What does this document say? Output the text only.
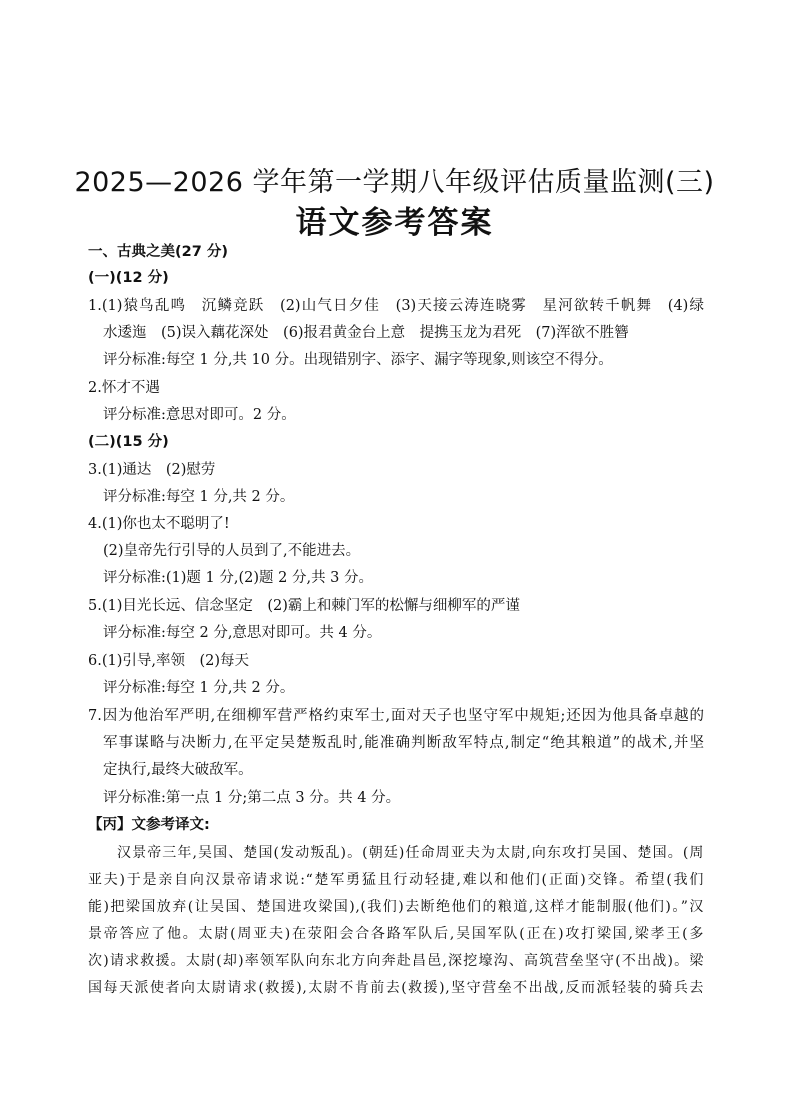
2025—2026 学年第一学期八年级评估质量监测(三)
语文参考答案
一、古典之美(27 分)
(一)(12 分)
1.(1)猿鸟乱鸣　沉鳞竞跃　(2)山气日夕佳　(3)天接云涛连晓雾　星河欲转千帆舞　(4)绿
水逶迤　(5)误入藕花深处　(6)报君黄金台上意　提携玉龙为君死　(7)浑欲不胜簪
评分标准:每空 1 分,共 10 分。出现错别字、添字、漏字等现象,则该空不得分。
2.怀才不遇
评分标准:意思对即可。2 分。
(二)(15 分)
3.(1)通达　(2)慰劳
评分标准:每空 1 分,共 2 分。
4.(1)你也太不聪明了!
(2)皇帝先行引导的人员到了,不能进去。
评分标准:(1)题 1 分,(2)题 2 分,共 3 分。
5.(1)目光长远、信念坚定　(2)霸上和棘门军的松懈与细柳军的严谨
评分标准:每空 2 分,意思对即可。共 4 分。
6.(1)引导,率领　(2)每天
评分标准:每空 1 分,共 2 分。
7.因为他治军严明,在细柳军营严格约束军士,面对天子也坚守军中规矩;还因为他具备卓越的
军事谋略与决断力,在平定吴楚叛乱时,能准确判断敌军特点,制定“绝其粮道”的战术,并坚
定执行,最终大破敌军。
评分标准:第一点 1 分;第二点 3 分。共 4 分。
【丙】文参考译文:
汉景帝三年,吴国、楚国(发动叛乱)。(朝廷)任命周亚夫为太尉,向东攻打吴国、楚国。(周
亚夫)于是亲自向汉景帝请求说:“楚军勇猛且行动轻捷,难以和他们(正面)交锋。希望(我们
能)把梁国放弃(让吴国、楚国进攻梁国),(我们)去断绝他们的粮道,这样才能制服(他们)。”汉
景帝答应了他。太尉(周亚夫)在荥阳会合各路军队后,吴国军队(正在)攻打梁国,梁孝王(多
次)请求救援。太尉(却)率领军队向东北方向奔赴昌邑,深挖壕沟、高筑营垒坚守(不出战)。梁
国每天派使者向太尉请求(救援),太尉不肯前去(救援),坚守营垒不出战,反而派轻装的骑兵去
